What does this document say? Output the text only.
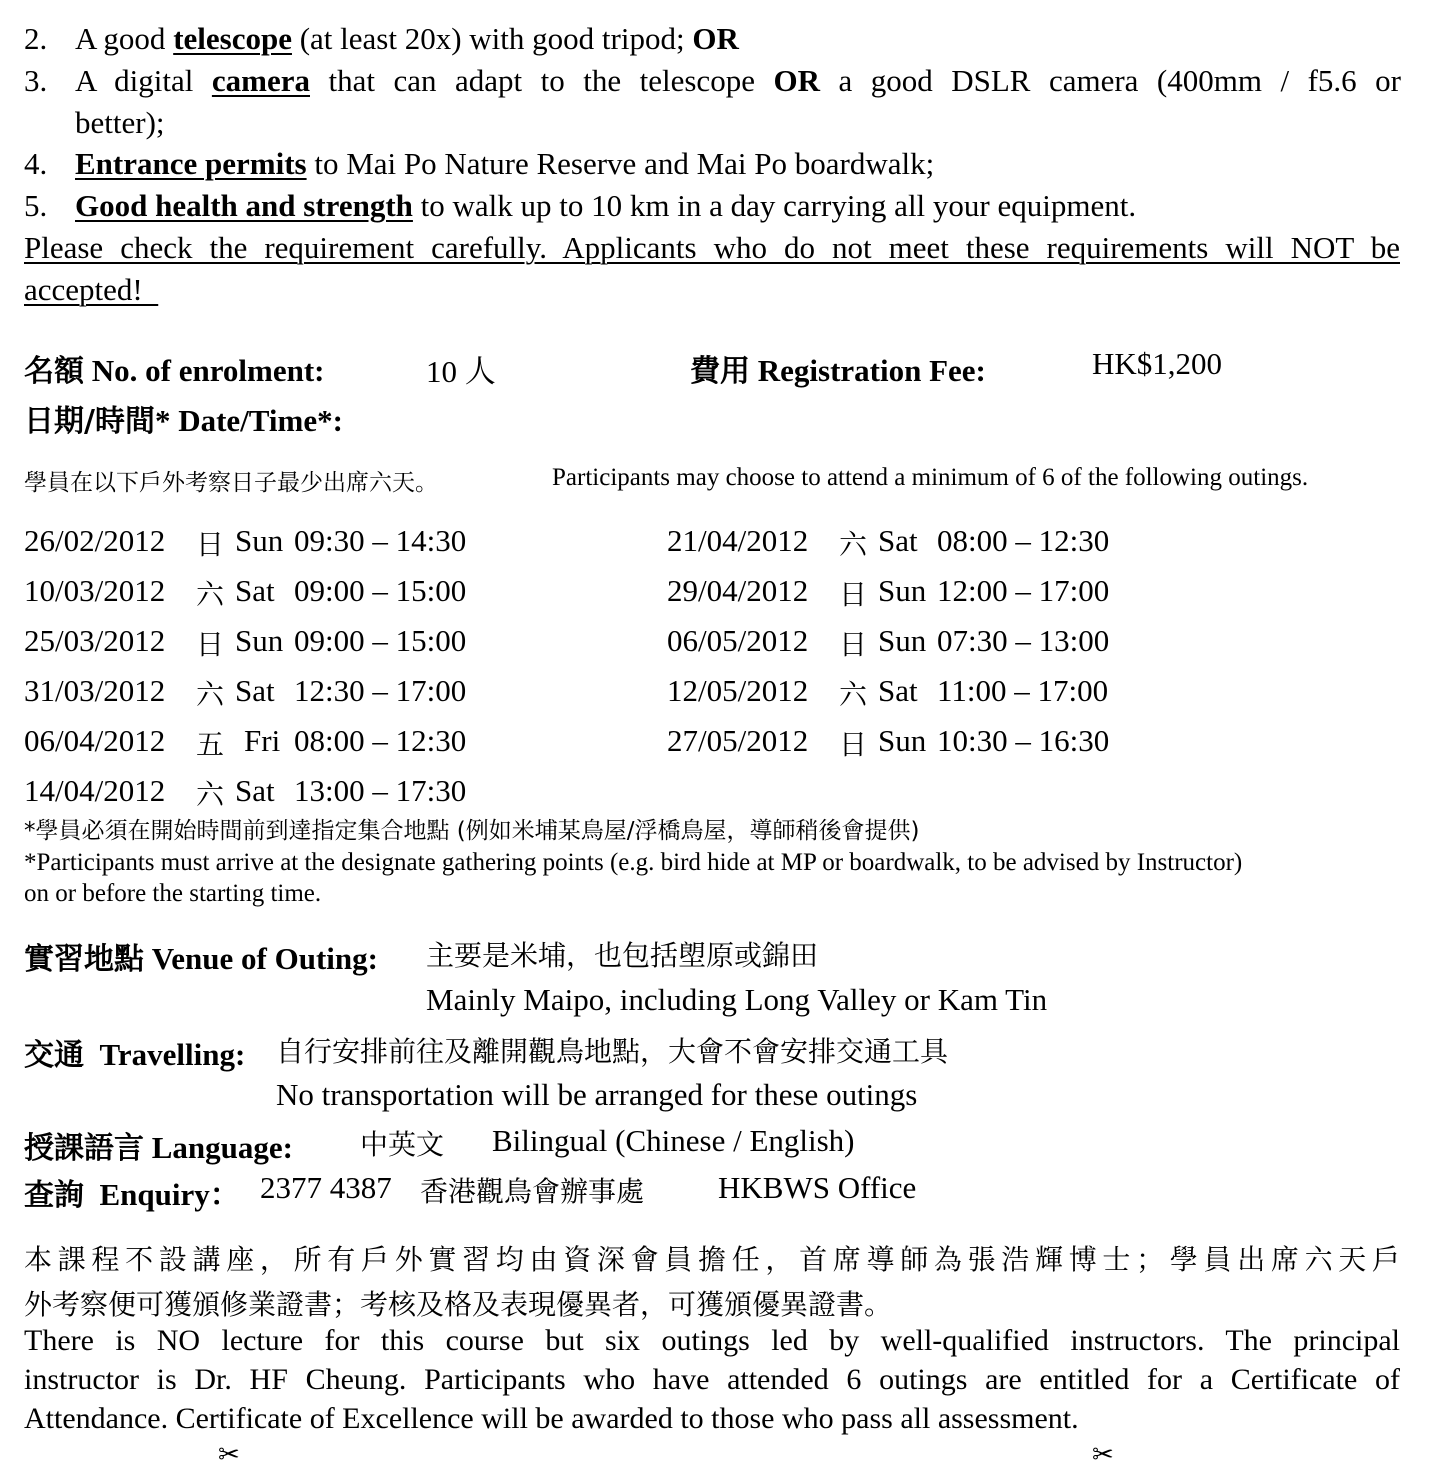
2. A good telescope (at least 20x) with good tripod; OR
3. A digital camera that can adapt to the telescope OR a good DSLR camera (400mm / f5.6 or
better);
4. Entrance permits to Mai Po Nature Reserve and Mai Po boardwalk;
5. Good health and strength to walk up to 10 km in a day carrying all your equipment.
Please check the requirement carefully. Applicants who do not meet these requirements will NOT be
accepted!
名額 No. of enrolment:	10 人	費用 Registration Fee:	HK$1,200
日期/時間* Date/Time*:
學員在以下戶外考察日子最少出席六天。	Participants may choose to attend a minimum of 6 of the following outings.
26/02/2012 日 Sun 09:30 – 14:30
10/03/2012 六 Sat 09:00 – 15:00
25/03/2012 日 Sun 09:00 – 15:00
31/03/2012 六 Sat 12:30 – 17:00
06/04/2012 五 Fri 08:00 – 12:30
14/04/2012 六 Sat 13:00 – 17:30
21/04/2012 六 Sat 08:00 – 12:30
29/04/2012 日 Sun 12:00 – 17:00
06/05/2012 日 Sun 07:30 – 13:00
12/05/2012 六 Sat 11:00 – 17:00
27/05/2012 日 Sun 10:30 – 16:30
*學員必須在開始時間前到達指定集合地點 (例如米埔某鳥屋/浮橋鳥屋，導師稍後會提供)
*Participants must arrive at the designate gathering points (e.g. bird hide at MP or boardwalk, to be advised by Instructor)
on or before the starting time.
實習地點 Venue of Outing: 主要是米埔，也包括塱原或錦田
Mainly Maipo, including Long Valley or Kam Tin
交通  Travelling: 自行安排前往及離開觀鳥地點，大會不會安排交通工具
No transportation will be arranged for these outings
授課語言 Language: 中英文 Bilingual (Chinese / English)
查詢  Enquiry： 2377 4387 香港觀鳥會辦事處 HKBWS Office
本課程不設講座，所有戶外實習均由資深會員擔任，首席導師為張浩輝博士；學員出席六天戶
外考察便可獲頒修業證書；考核及格及表現優異者，可獲頒優異證書。
There is NO lecture for this course but six outings led by well-qualified instructors. The principal
instructor is Dr. HF Cheung. Participants who have attended 6 outings are entitled for a Certificate of
Attendance. Certificate of Excellence will be awarded to those who pass all assessment.
✂	✂
